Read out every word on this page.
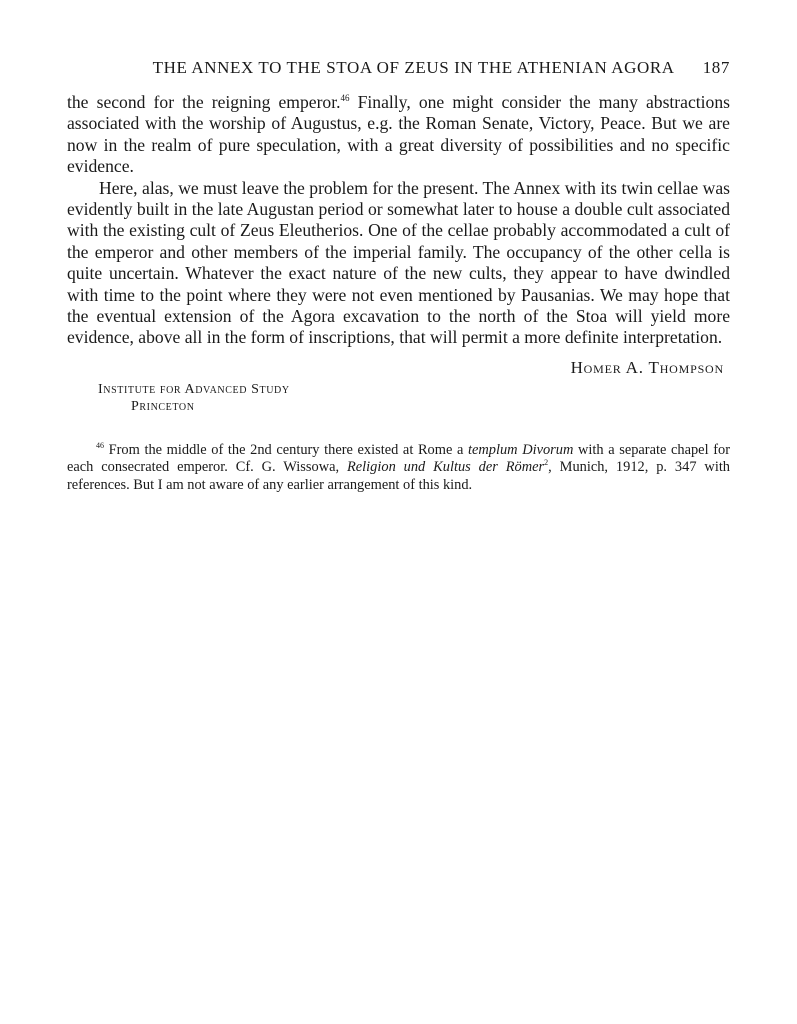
THE ANNEX TO THE STOA OF ZEUS IN THE ATHENIAN AGORA 187

the second for the reigning emperor.$^{46}$ Finally, one might consider the many abstractions associated with the worship of Augustus, e.g. the Roman Senate, Victory, Peace. But we are now in the realm of pure speculation, with a great diversity of possibilities and no specific evidence.

Here, alas, we must leave the problem for the present. The Annex with its twin cellae was evidently built in the late Augustan period or somewhat later to house a double cult associated with the existing cult of Zeus Eleutherios. One of the cellae probably accommodated a cult of the emperor and other members of the imperial family. The occupancy of the other cella is quite uncertain. Whatever the exact nature of the new cults, they appear to have dwindled with time to the point where they were not even mentioned by Pausanias. We may hope that the eventual extension of the Agora excavation to the north of the Stoa will yield more evidence, above all in the form of inscriptions, that will permit a more definite interpretation.

Homer A. Thompson
Institute for Advanced Study
Princeton

$^{46}$ From the middle of the 2nd century there existed at Rome a templum Divorum with a separate chapel for each consecrated emperor. Cf. G. Wissowa, Religion und Kultus der Römer$^2$, Munich, 1912, p. 347 with references. But I am not aware of any earlier arrangement of this kind.
